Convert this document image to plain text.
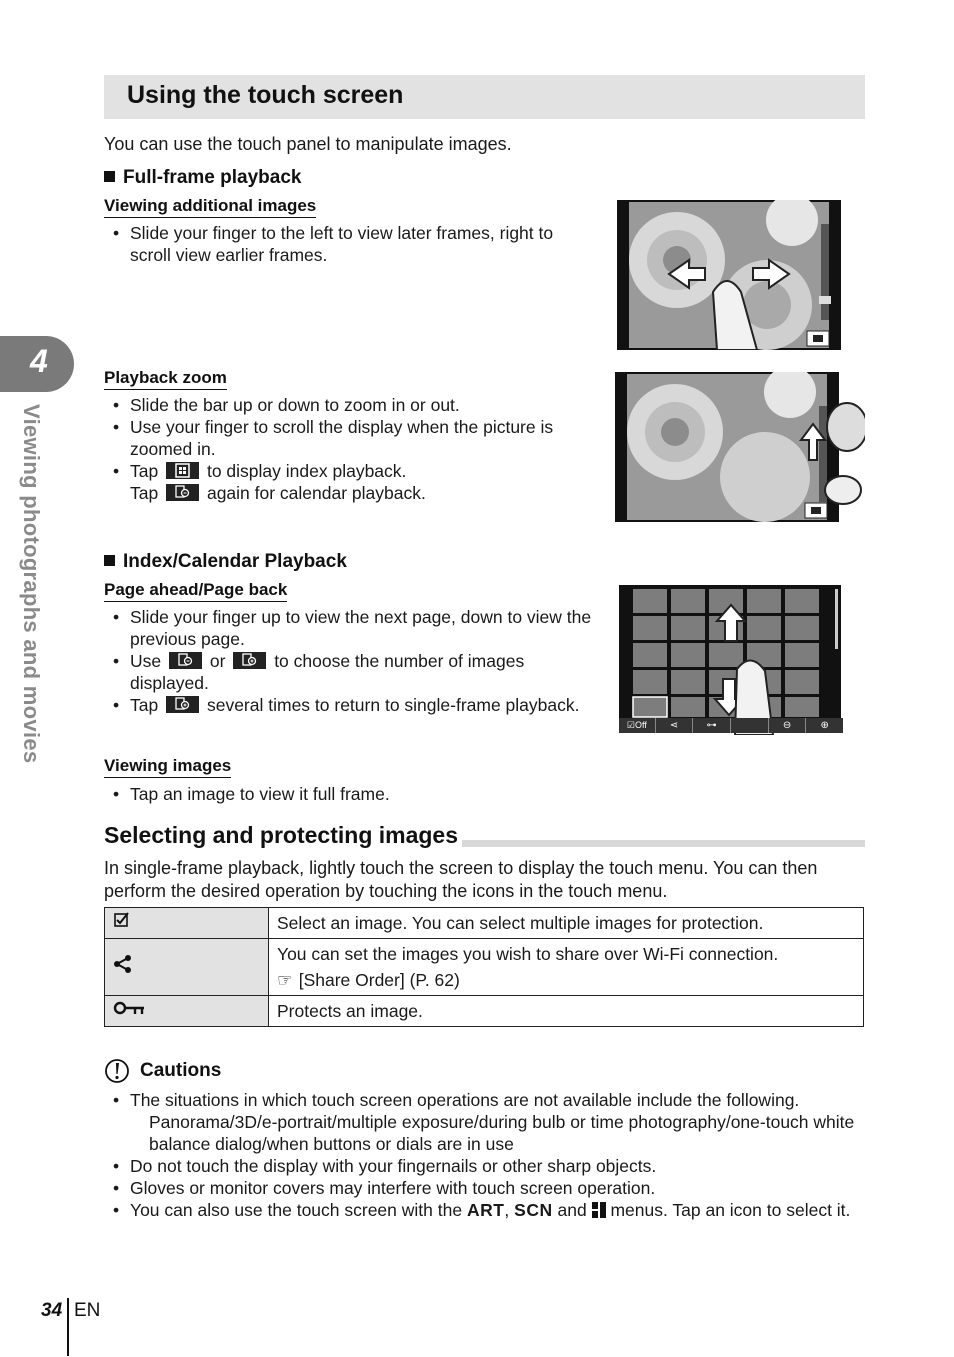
4
Viewing photographs and movies
Using the touch screen
You can use the touch panel to manipulate images.
Full-frame playback
Viewing additional images
• Slide your finger to the left to view later frames, right to scroll view earlier frames.
Playback zoom
• Slide the bar up or down to zoom in or out.
• Use your finger to scroll the display when the picture is zoomed in.
• Tap	to display index playback.
Tap	again for calendar playback.
Index/Calendar Playback
Page ahead/Page back
• Slide your finger up to view the next page, down to view the previous page.
• Use	or	to choose the number of images displayed.
• Tap	several times to return to single-frame playback.
☑Off	⋖	⊶	⊖	⊕
Viewing images
• Tap an image to view it full frame.
Selecting and protecting images
In single-frame playback, lightly touch the screen to display the touch menu. You can then perform the desired operation by touching the icons in the touch menu.
	Select an image. You can select multiple images for protection.

You can set the images you wish to share over Wi-Fi connection.
☞ [Share Order] (P. 62)

	Protects an image.
Cautions
• The situations in which touch screen operations are not available include the following.
Panorama/3D/e-portrait/multiple exposure/during bulb or time photography/one-touch white balance dialog/when buttons or dials are in use
• Do not touch the display with your fingernails or other sharp objects.
• Gloves or monitor covers may interfere with touch screen operation.
• You can also use the touch screen with the ART, SCN and menus. Tap an icon to select it.
34 EN
